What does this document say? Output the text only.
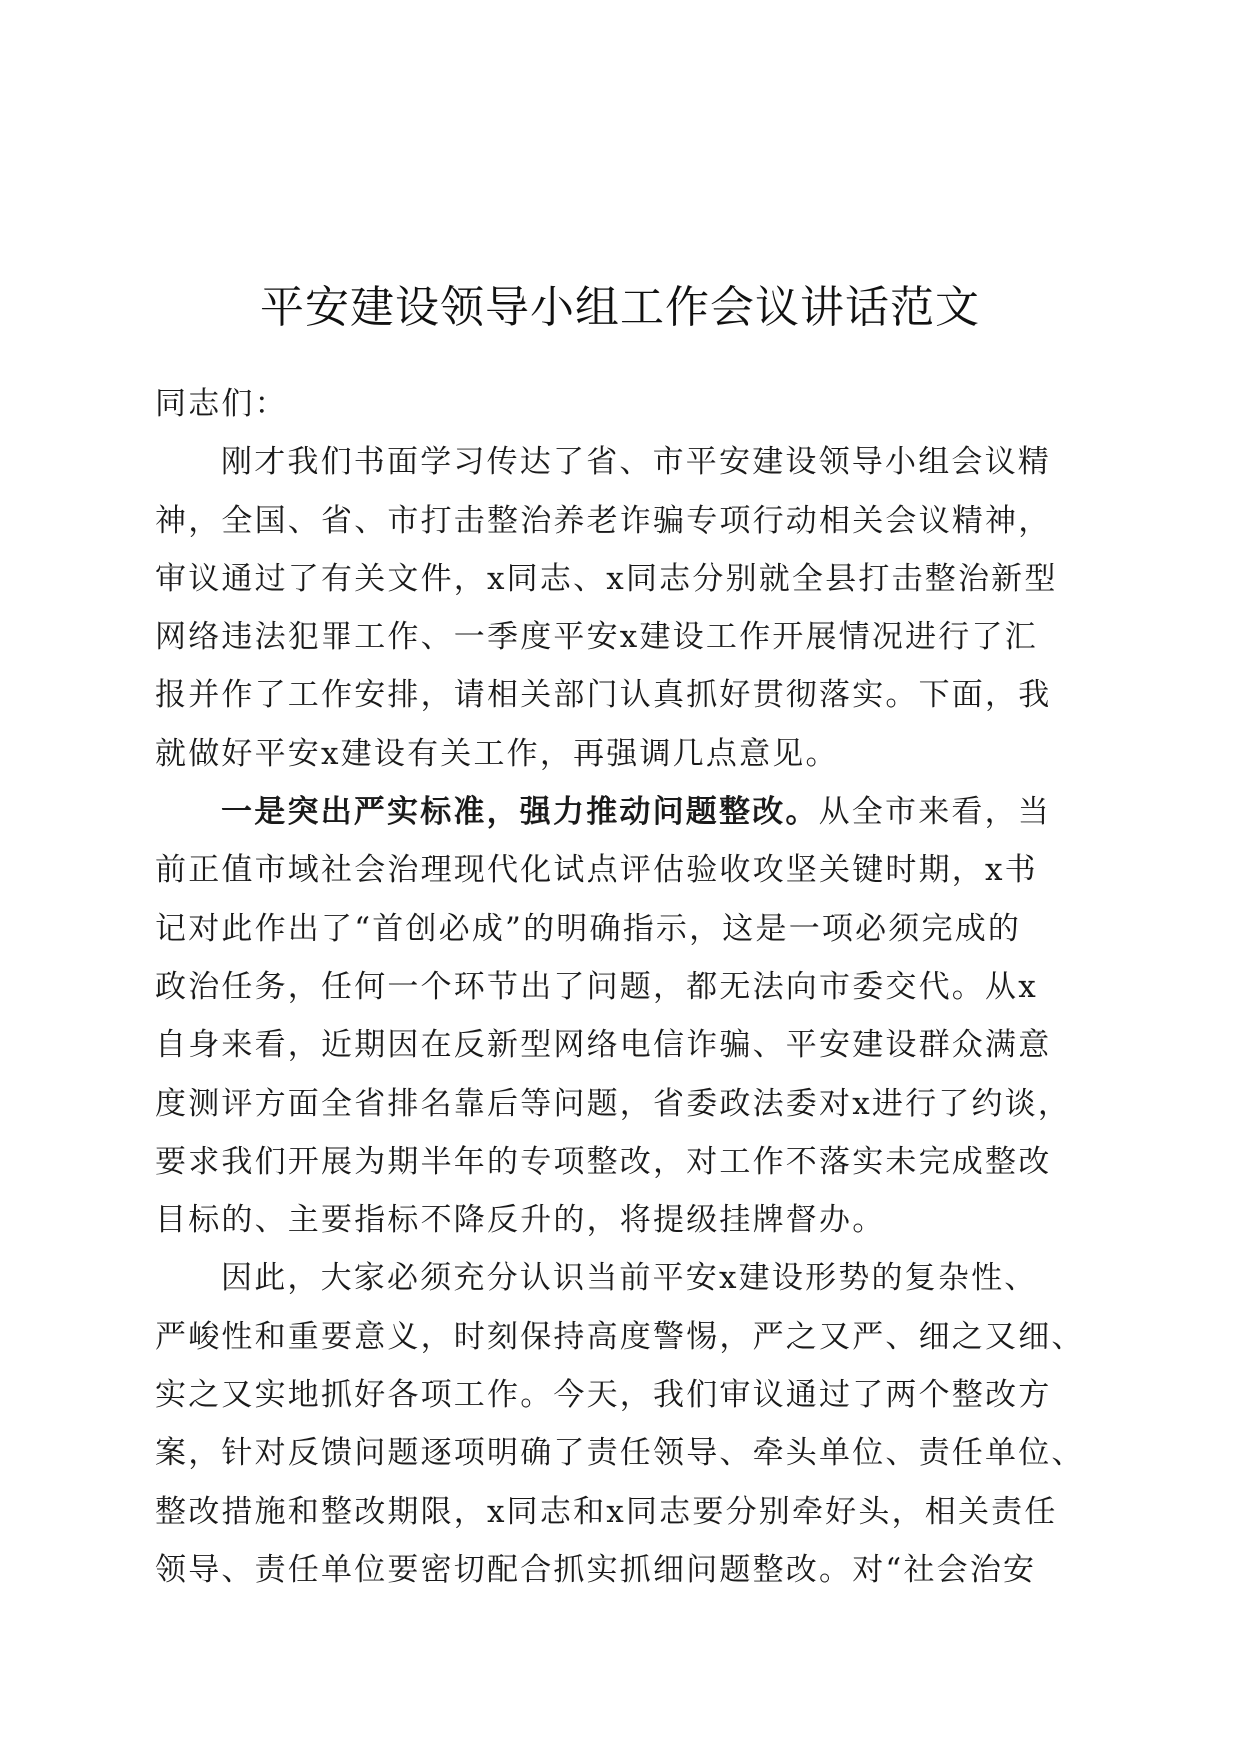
平安建设领导小组工作会议讲话范文
同志们：
刚才我们书面学习传达了省、市平安建设领导小组会议精
神，全国、省、市打击整治养老诈骗专项行动相关会议精神，
审议通过了有关文件，x同志、x同志分别就全县打击整治新型
网络违法犯罪工作、一季度平安x建设工作开展情况进行了汇
报并作了工作安排，请相关部门认真抓好贯彻落实。下面，我
就做好平安x建设有关工作，再强调几点意见。
一是突出严实标准，强力推动问题整改。从全市来看，当
前正值市域社会治理现代化试点评估验收攻坚关键时期，x书
记对此作出了“首创必成”的明确指示，这是一项必须完成的
政治任务，任何一个环节出了问题，都无法向市委交代。从x
自身来看，近期因在反新型网络电信诈骗、平安建设群众满意
度测评方面全省排名靠后等问题，省委政法委对x进行了约谈，
要求我们开展为期半年的专项整改，对工作不落实未完成整改
目标的、主要指标不降反升的，将提级挂牌督办。
因此，大家必须充分认识当前平安x建设形势的复杂性、
严峻性和重要意义，时刻保持高度警惕，严之又严、细之又细、
实之又实地抓好各项工作。今天，我们审议通过了两个整改方
案，针对反馈问题逐项明确了责任领导、牵头单位、责任单位、
整改措施和整改期限，x同志和x同志要分别牵好头，相关责任
领导、责任单位要密切配合抓实抓细问题整改。对“社会治安
